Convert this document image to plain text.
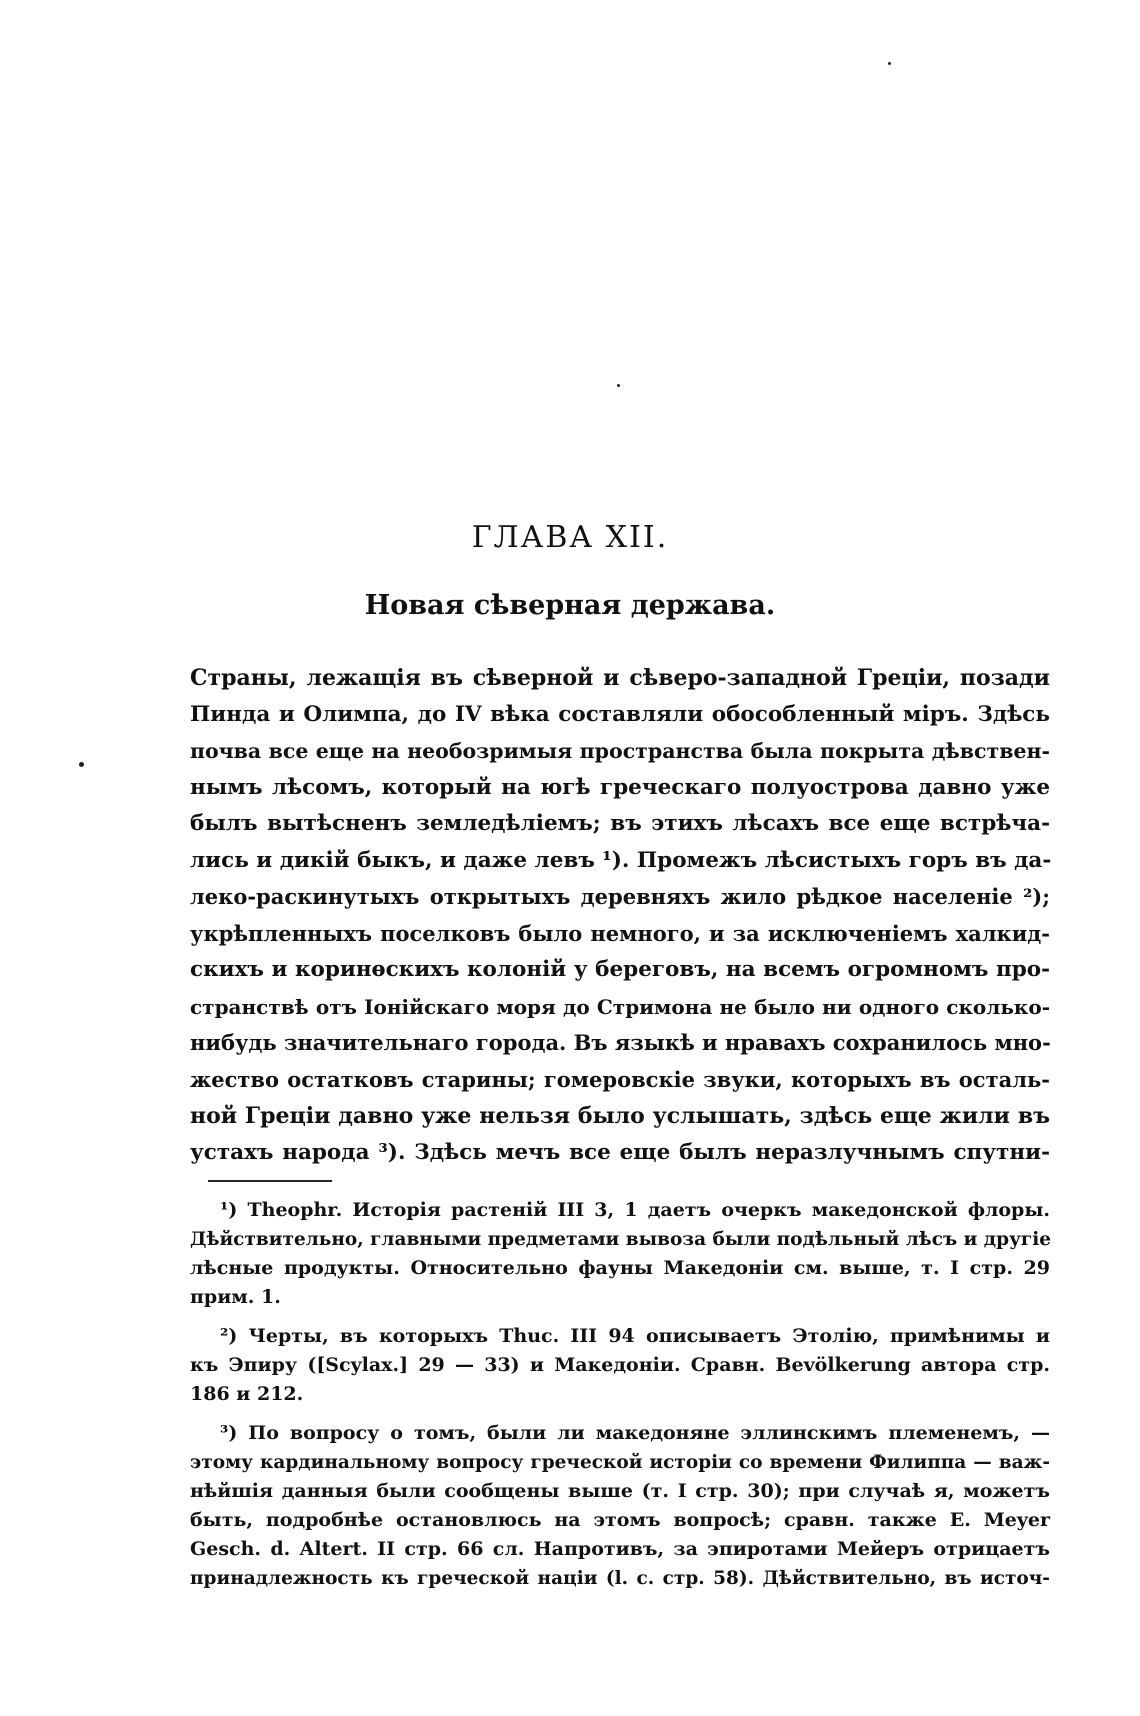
ГЛАВА XII.
Новая сѣверная держава.
Страны, лежащія въ сѣверной и сѣверо-западной Греціи, позади
Пинда и Олимпа, до IV вѣка составляли обособленный міръ. Здѣсь
почва все еще на необозримыя пространства была покрыта дѣвствен-
нымъ лѣсомъ, который на югѣ греческаго полуострова давно уже
былъ вытѣсненъ земледѣліемъ; въ этихъ лѣсахъ все еще встрѣча-
лись и дикій быкъ, и даже левъ ¹). Промежъ лѣсистыхъ горъ въ да-
леко-раскинутыхъ открытыхъ деревняхъ жило рѣдкое населеніе ²);
укрѣпленныхъ поселковъ было немного, и за исключеніемъ халкид-
скихъ и коринѳскихъ колоній у береговъ, на всемъ огромномъ про-
странствѣ отъ Іонійскаго моря до Стримона не было ни одного сколько-
нибудь значительнаго города. Въ языкѣ и нравахъ сохранилось мно-
жество остатковъ старины; гомеровскіе звуки, которыхъ въ осталь-
ной Греціи давно уже нельзя было услышать, здѣсь еще жили въ
устахъ народа ³). Здѣсь мечъ все еще былъ неразлучнымъ спутни-
¹) Theophr. Исторія растеній III 3, 1 даетъ очеркъ македонской флоры.
Дѣйствительно, главными предметами вывоза были подѣльный лѣсъ и другіе
лѣсные продукты. Относительно фауны Македоніи см. выше, т. I стр. 29
прим. 1.
²) Черты, въ которыхъ Thuc. III 94 описываетъ Этолію, примѣнимы и
къ Эпиру ([Scylax.] 29 — 33) и Македоніи. Сравн. Bevölkerung автора стр.
186 и 212.
³) По вопросу о томъ, были ли македоняне эллинскимъ племенемъ, —
этому кардинальному вопросу греческой исторіи со времени Филиппа — важ-
нѣйшія данныя были сообщены выше (т. I стр. 30); при случаѣ я, можетъ
быть, подробнѣе остановлюсь на этомъ вопросѣ; сравн. также E. Meyer
Gesch. d. Altert. II стр. 66 сл. Напротивъ, за эпиротами Мейеръ отрицаетъ
принадлежность къ греческой націи (l. c. стр. 58). Дѣйствительно, въ источ-
